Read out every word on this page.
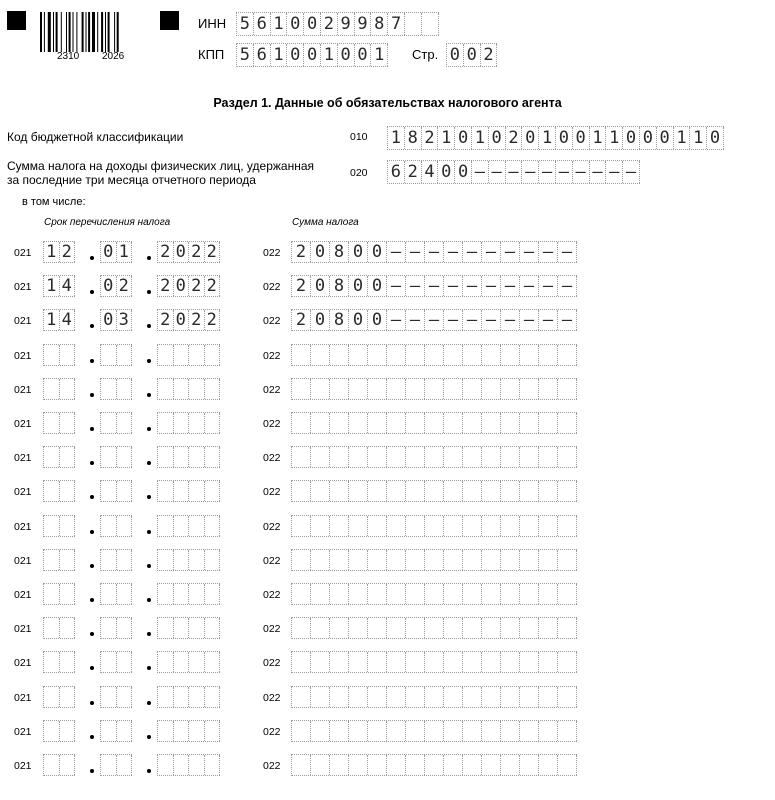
2310 2026
ИНН 5 6 1 0 0 2 9 9 8 7
КПП 5 6 1 0 0 1 0 0 1 Стр. 0 0 2
Раздел 1. Данные об обязательствах налогового агента
Код бюджетной классификации	010 1 8 2 1 0 1 0 2 0 1 0 0 1 1 0 0 0 1 1 0
Сумма налога на доходы физических лиц, удержанная
за последние три месяца отчетного периода	020 6 2 4 0 0 – – – – – – – – – –
в том числе:
Срок перечисления налога	Сумма налога
021 1 2 0 1 2 0 2 2	022 2 0 8 0 0 – – – – – – – – – –
021 1 4 0 2 2 0 2 2	022 2 0 8 0 0 – – – – – – – – – –
021 1 4 0 3 2 0 2 2	022 2 0 8 0 0 – – – – – – – – – –
021	022
021	022
021	022
021	022
021	022
021	022
021	022
021	022
021	022
021	022
021	022
021	022
021	022
